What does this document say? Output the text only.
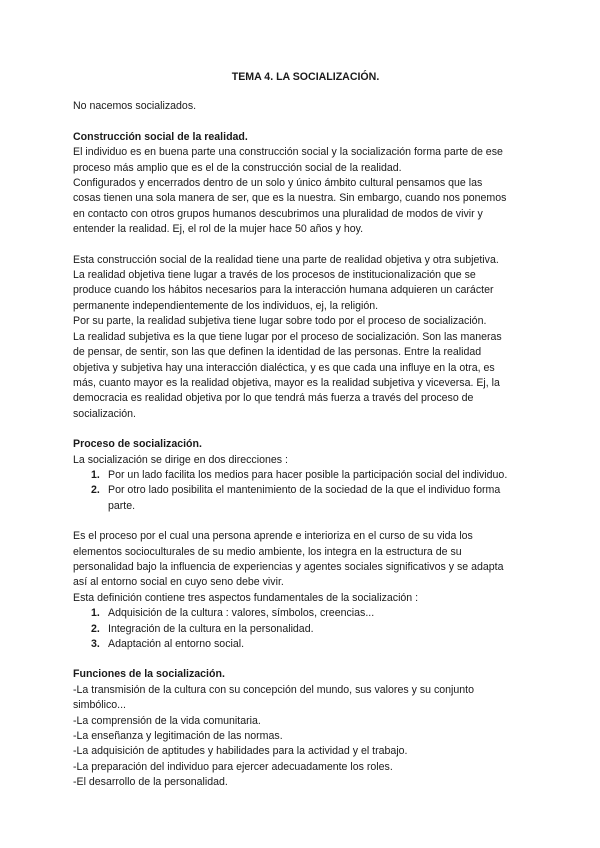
TEMA 4. LA SOCIALIZACIÓN.

No nacemos socializados.

Construcción social de la realidad.

El individuo es en buena parte una construcción social y la socialización forma parte de ese

proceso más amplio que es el de la construcción social de la realidad.

Configurados y encerrados dentro de un solo y único ámbito cultural pensamos que las

cosas tienen una sola manera de ser, que es la nuestra. Sin embargo, cuando nos ponemos

en contacto con otros grupos humanos descubrimos una pluralidad de modos de vivir y

entender la realidad. Ej, el rol de la mujer hace 50 años y hoy.

Esta construcción social de la realidad tiene una parte de realidad objetiva y otra subjetiva.

La realidad objetiva tiene lugar a través de los procesos de institucionalización que se

produce cuando los hábitos necesarios para la interacción humana adquieren un carácter

permanente independientemente de los individuos, ej, la religión.

Por su parte, la realidad subjetiva tiene lugar sobre todo por el proceso de socialización.

La realidad subjetiva es la que tiene lugar por el proceso de socialización. Son las maneras

de pensar, de sentir, son las que definen la identidad de las personas. Entre la realidad

objetiva y subjetiva hay una interacción dialéctica, y es que cada una influye en la otra, es

más, cuanto mayor es la realidad objetiva, mayor es la realidad subjetiva y viceversa. Ej, la

democracia es realidad objetiva por lo que tendrá más fuerza a través del proceso de

socialización.

Proceso de socialización.

La socialización se dirige en dos direcciones :

Por un lado facilita los medios para hacer posible la participación social del individuo.
Por otro lado posibilita el mantenimiento de la sociedad de la que el individuo forma parte.

Es el proceso por el cual una persona aprende e interioriza en el curso de su vida los

elementos socioculturales de su medio ambiente, los integra en la estructura de su

personalidad bajo la influencia de experiencias y agentes sociales significativos y se adapta

así al entorno social en cuyo seno debe vivir.

Esta definición contiene tres aspectos fundamentales de la socialización :

Adquisición de la cultura : valores, símbolos, creencias...
Integración de la cultura en la personalidad.
Adaptación al entorno social.

Funciones de la socialización.

-La transmisión de la cultura con su concepción del mundo, sus valores y su conjunto

simbólico...

-La comprensión de la vida comunitaria.

-La enseñanza y legitimación de las normas.

-La adquisición de aptitudes y habilidades para la actividad y el trabajo.

-La preparación del individuo para ejercer adecuadamente los roles.

-El desarrollo de la personalidad.
